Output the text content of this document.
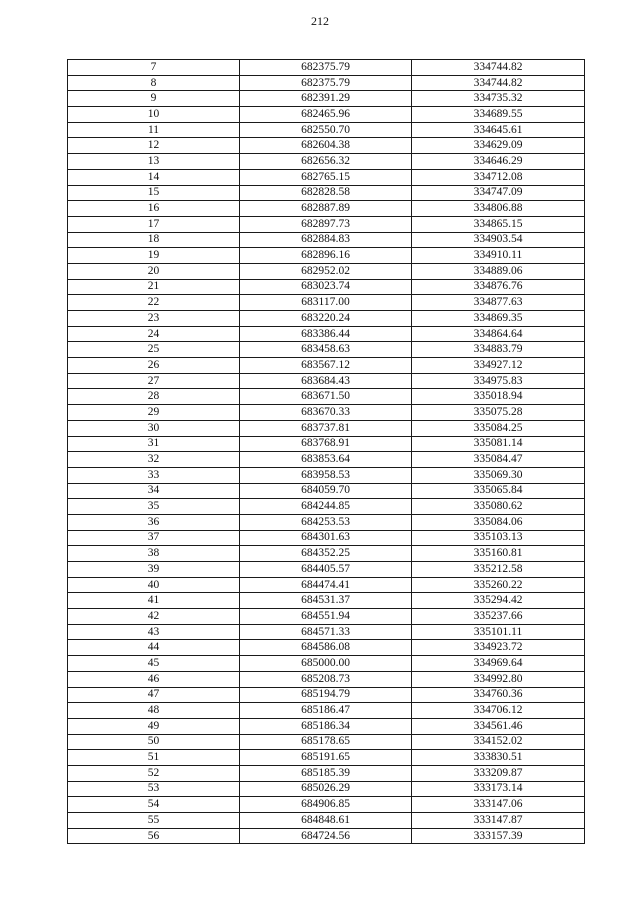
212
7	682375.79	334744.82
8	682375.79	334744.82
9	682391.29	334735.32
10	682465.96	334689.55
11	682550.70	334645.61
12	682604.38	334629.09
13	682656.32	334646.29
14	682765.15	334712.08
15	682828.58	334747.09
16	682887.89	334806.88
17	682897.73	334865.15
18	682884.83	334903.54
19	682896.16	334910.11
20	682952.02	334889.06
21	683023.74	334876.76
22	683117.00	334877.63
23	683220.24	334869.35
24	683386.44	334864.64
25	683458.63	334883.79
26	683567.12	334927.12
27	683684.43	334975.83
28	683671.50	335018.94
29	683670.33	335075.28
30	683737.81	335084.25
31	683768.91	335081.14
32	683853.64	335084.47
33	683958.53	335069.30
34	684059.70	335065.84
35	684244.85	335080.62
36	684253.53	335084.06
37	684301.63	335103.13
38	684352.25	335160.81
39	684405.57	335212.58
40	684474.41	335260.22
41	684531.37	335294.42
42	684551.94	335237.66
43	684571.33	335101.11
44	684586.08	334923.72
45	685000.00	334969.64
46	685208.73	334992.80
47	685194.79	334760.36
48	685186.47	334706.12
49	685186.34	334561.46
50	685178.65	334152.02
51	685191.65	333830.51
52	685185.39	333209.87
53	685026.29	333173.14
54	684906.85	333147.06
55	684848.61	333147.87
56	684724.56	333157.39
